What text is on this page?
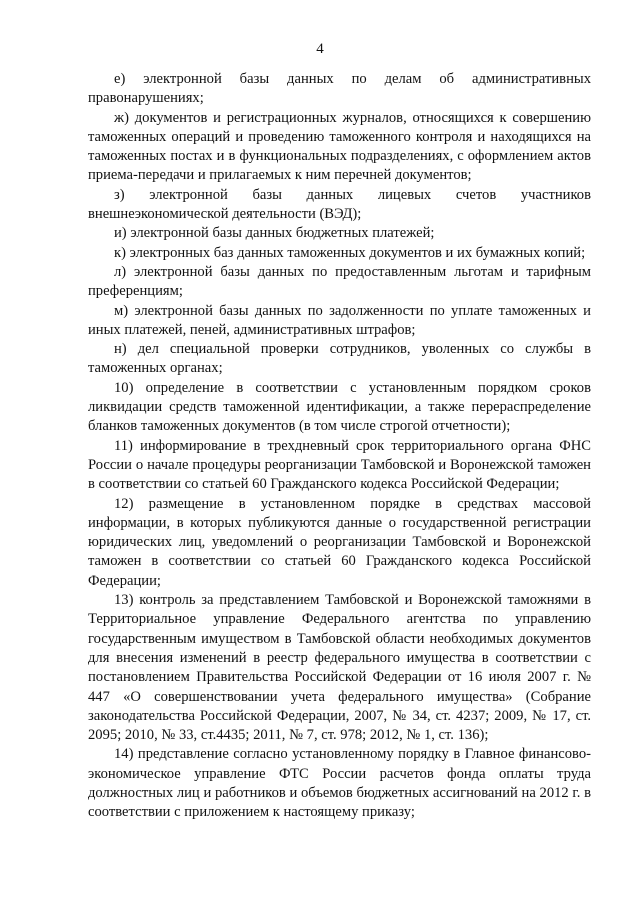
4

е) электронной базы данных по делам об административных правонарушениях;

ж) документов и регистрационных журналов, относящихся к совершению таможенных операций и проведению таможенного контроля и находящихся на таможенных постах и в функциональных подразделениях, с оформлением актов приема-передачи и прилагаемых к ним перечней документов;

з) электронной базы данных лицевых счетов участников внешнеэкономической деятельности (ВЭД);

и) электронной базы данных бюджетных платежей;

к) электронных баз данных таможенных документов и их бумажных копий;

л) электронной базы данных по предоставленным льготам и тарифным преференциям;

м) электронной базы данных по задолженности по уплате таможенных и иных платежей, пеней, административных штрафов;

н) дел специальной проверки сотрудников, уволенных со службы в таможенных органах;

10) определение в соответствии с установленным порядком сроков ликвидации средств таможенной идентификации, а также перераспределение бланков таможенных документов (в том числе строгой отчетности);

11) информирование в трехдневный срок территориального органа ФНС России о начале процедуры реорганизации Тамбовской и Воронежской таможен в соответствии со статьей 60 Гражданского кодекса Российской Федерации;

12) размещение в установленном порядке в средствах массовой информации, в которых публикуются данные о государственной регистрации юридических лиц, уведомлений о реорганизации Тамбовской и Воронежской таможен в соответствии со статьей 60 Гражданского кодекса Российской Федерации;

13) контроль за представлением Тамбовской и Воронежской таможнями в Территориальное управление Федерального агентства по управлению государственным имуществом в Тамбовской области необходимых документов для внесения изменений в реестр федерального имущества в соответствии с постановлением Правительства Российской Федерации от 16 июля 2007 г. № 447 «О совершенствовании учета федерального имущества» (Собрание законодательства Российской Федерации, 2007, № 34, ст. 4237; 2009, № 17, ст. 2095; 2010, № 33, ст.4435; 2011, № 7, ст. 978; 2012, № 1, ст. 136);

14) представление согласно установленному порядку в Главное финансово-экономическое управление ФТС России расчетов фонда оплаты труда должностных лиц и работников и объемов бюджетных ассигнований на 2012 г. в соответствии с приложением к настоящему приказу;
